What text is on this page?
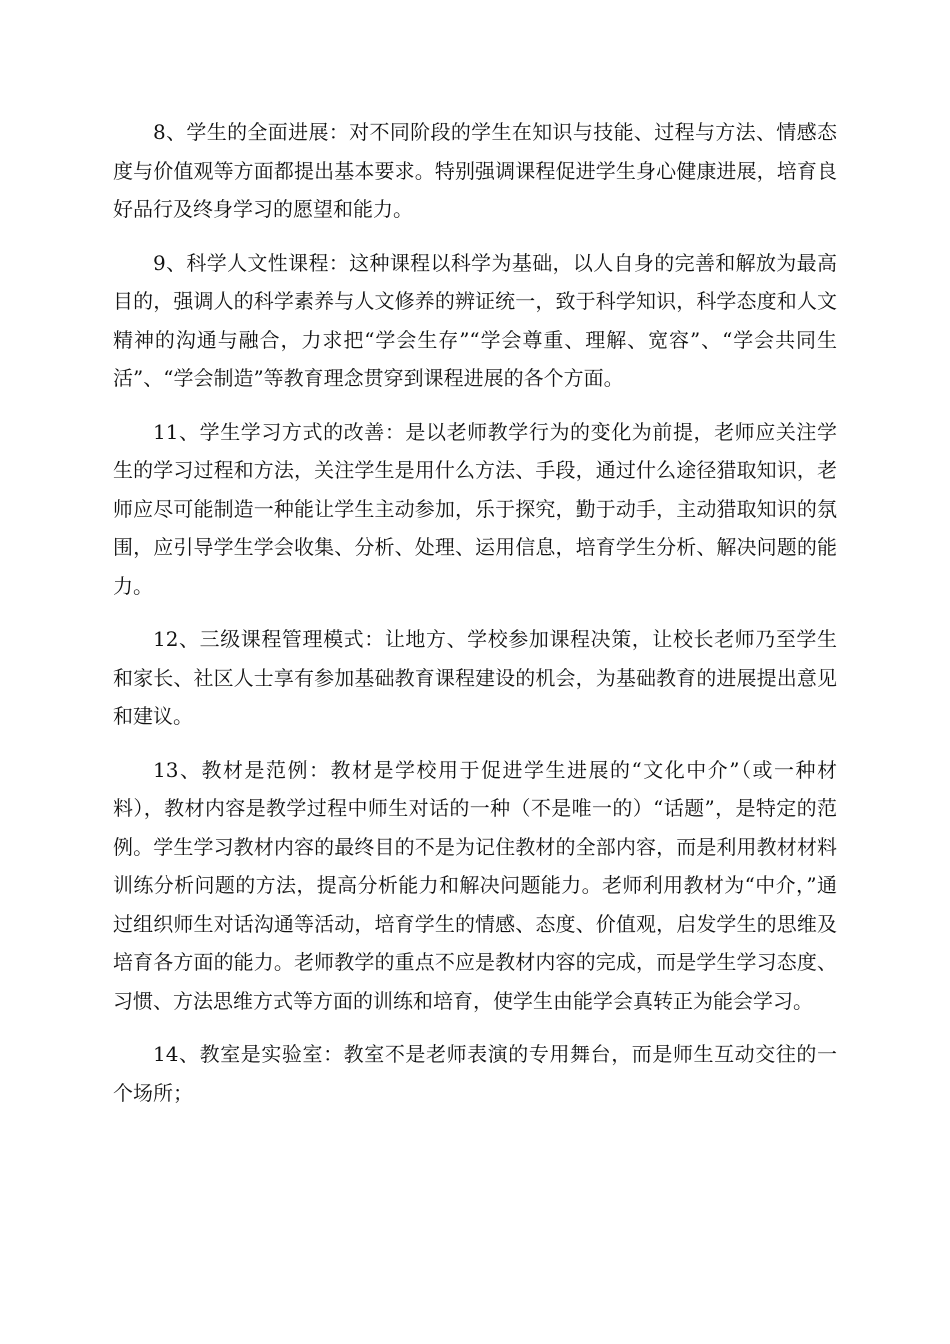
8、学生的全面进展：对不同阶段的学生在知识与技能、过程与方法、情感态度与价值观等方面都提出基本要求。特别强调课程促进学生身心健康进展，培育良好品行及终身学习的愿望和能力。

9、科学人文性课程：这种课程以科学为基础，以人自身的完善和解放为最高目的，强调人的科学素养与人文修养的辨证统一，致于科学知识，科学态度和人文精神的沟通与融合，力求把“学会生存”“学会尊重、理解、宽容”、“学会共同生活”、“学会制造”等教育理念贯穿到课程进展的各个方面。

11、学生学习方式的改善：是以老师教学行为的变化为前提，老师应关注学生的学习过程和方法，关注学生是用什么方法、手段，通过什么途径猎取知识，老师应尽可能制造一种能让学生主动参加，乐于探究，勤于动手，主动猎取知识的氛围，应引导学生学会收集、分析、处理、运用信息，培育学生分析、解决问题的能力。

12、三级课程管理模式：让地方、学校参加课程决策，让校长老师乃至学生和家长、社区人士享有参加基础教育课程建设的机会，为基础教育的进展提出意见和建议。

13、教材是范例：教材是学校用于促进学生进展的“文化中介”（或一种材料），教材内容是教学过程中师生对话的一种（不是唯一的）“话题”，是特定的范例。学生学习教材内容的最终目的不是为记住教材的全部内容，而是利用教材材料训练分析问题的方法，提高分析能力和解决问题能力。老师利用教材为“中介，”通过组织师生对话沟通等活动，培育学生的情感、态度、价值观，启发学生的思维及培育各方面的能力。老师教学的重点不应是教材内容的完成，而是学生学习态度、习惯、方法思维方式等方面的训练和培育，使学生由能学会真转正为能会学习。

14、教室是实验室：教室不是老师表演的专用舞台，而是师生互动交往的一个场所；
